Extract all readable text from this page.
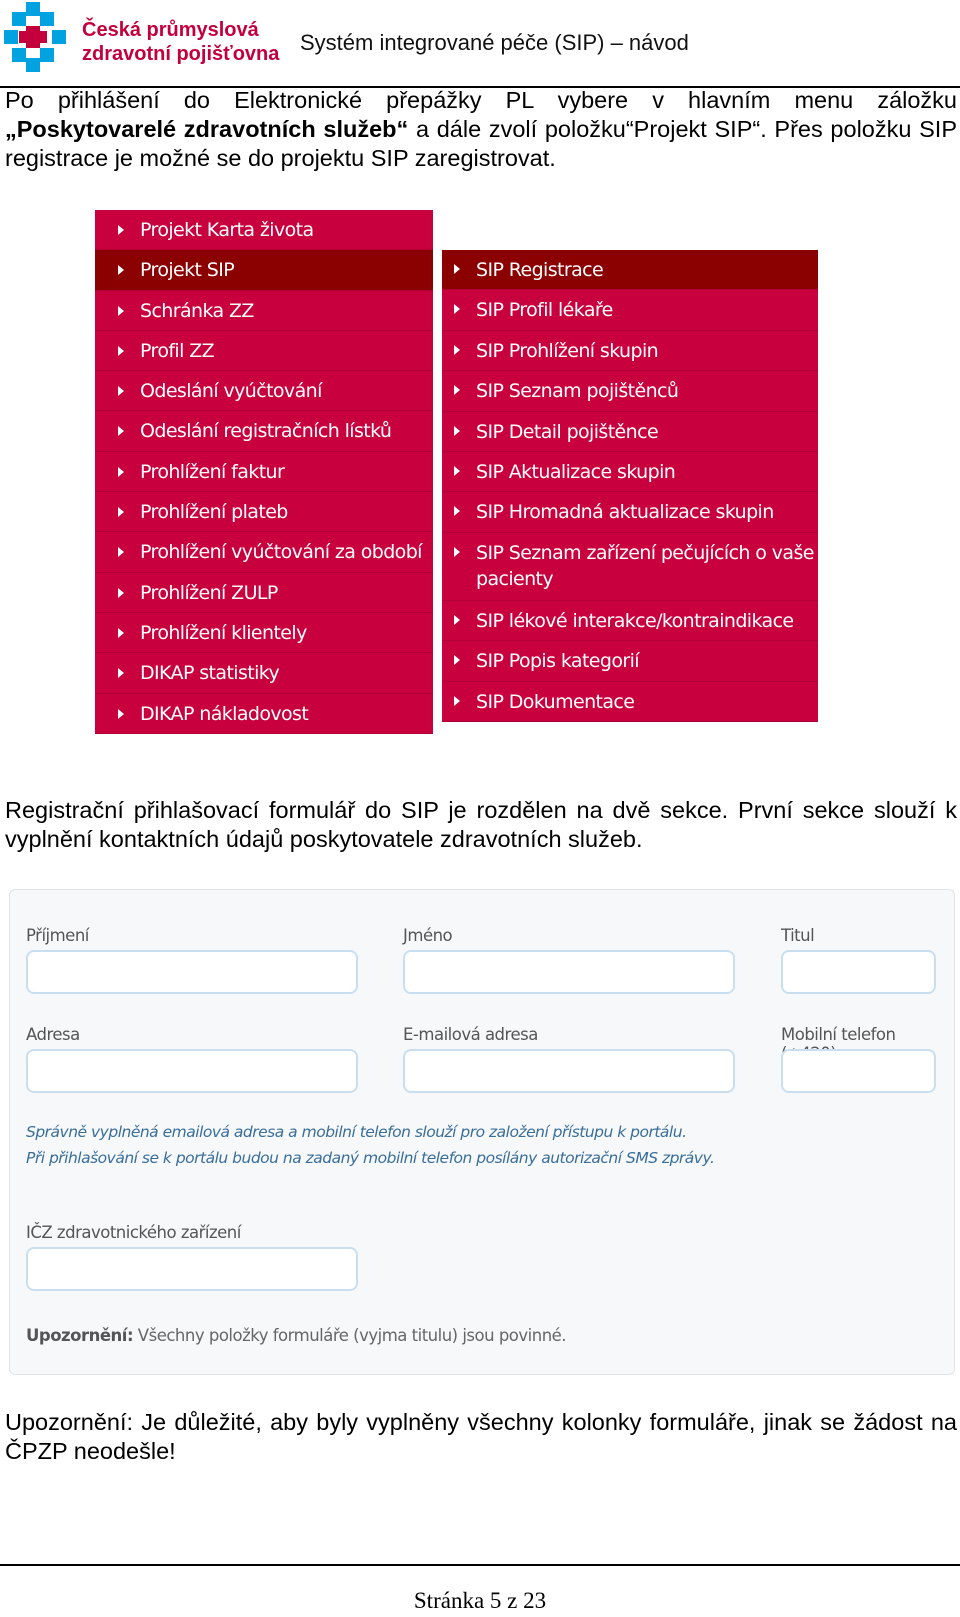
Česká průmyslová
zdravotní pojišťovna Systém integrované péče (SIP) – návod

Po přihlášení do Elektronické přepážky PL vybere v hlavním menu záložku „Poskytovarelé zdravotních služeb“ a dále zvolí položku“Projekt SIP“. Přes položku SIP registrace je možné se do projektu SIP zaregistrovat.

Projekt Karta života
Projekt SIP
Schránka ZZ
Profil ZZ
Odeslání vyúčtování
Odeslání registračních lístků
Prohlížení faktur
Prohlížení plateb
Prohlížení vyúčtování za období
Prohlížení ZULP
Prohlížení klientely
DIKAP statistiky
DIKAP nákladovost
SIP Registrace
SIP Profil lékaře
SIP Prohlížení skupin
SIP Seznam pojištěnců
SIP Detail pojištěnce
SIP Aktualizace skupin
SIP Hromadná aktualizace skupin
SIP Seznam zařízení pečujících o vaše pacienty
SIP lékové interakce/kontraindikace
SIP Popis kategorií
SIP Dokumentace

Registrační přihlašovací formulář do SIP je rozdělen na dvě sekce. První sekce slouží k vyplnění kontaktních údajů poskytovatele zdravotních služeb.

Příjmení	Jméno	Titul
Adresa	E-mailová adresa	Mobilní telefon
Správně vyplněná emailová adresa a mobilní telefon slouží pro založení přístupu k portálu.
Při přihlašování se k portálu budou na zadaný mobilní telefon posílány autorizační SMS zprávy.
IČZ zdravotnického zařízení
Upozornění: Všechny položky formuláře (vyjma titulu) jsou povinné.

Upozornění: Je důležité, aby byly vyplněny všechny kolonky formuláře, jinak se žádost na ČPZP neodešle!

Stránka 5 z 23
